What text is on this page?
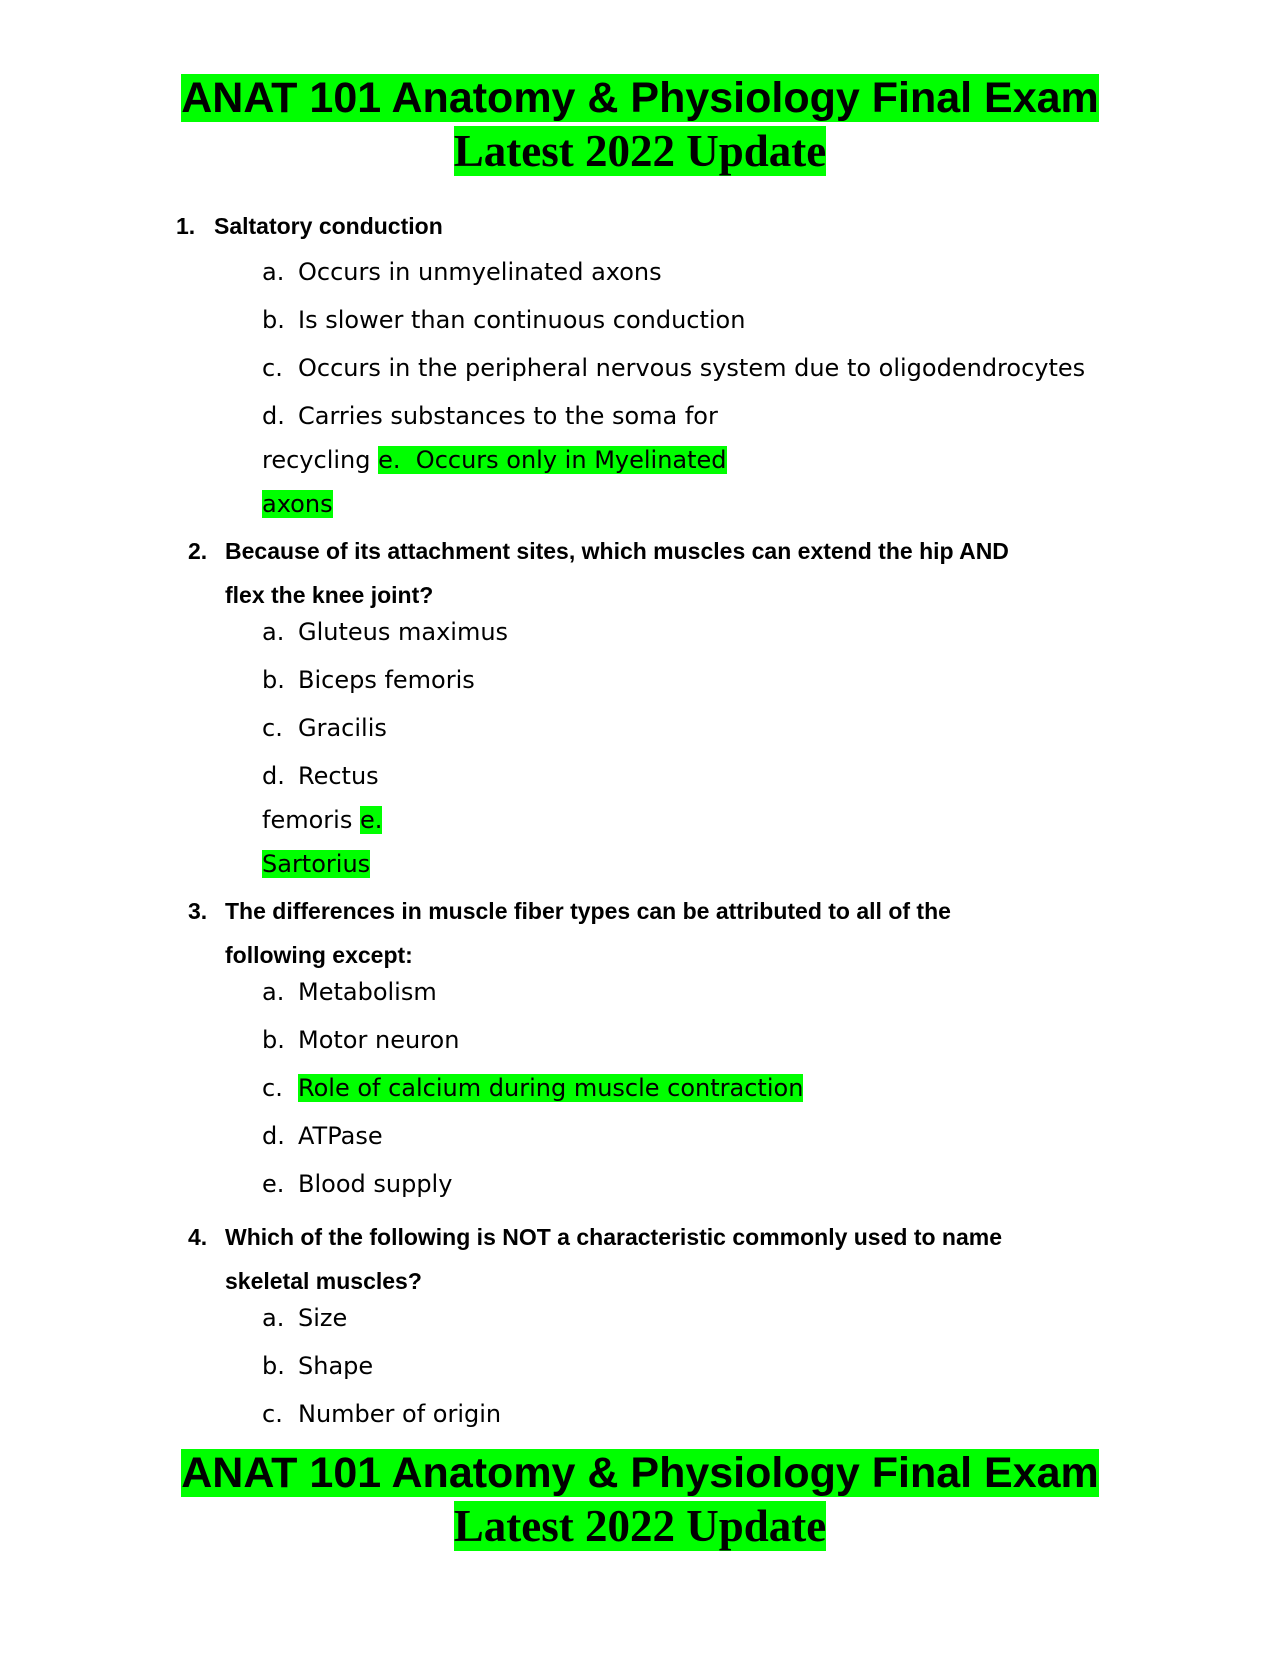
ANAT 101 Anatomy & Physiology Final Exam
Latest 2022 Update
1. Saltatory conduction
a. Occurs in unmyelinated axons
b. Is slower than continuous conduction
c. Occurs in the peripheral nervous system due to oligodendrocytes
d. Carries substances to the soma for
recycling e. Occurs only in Myelinated
axons
2. Because of its attachment sites, which muscles can extend the hip AND
flex the knee joint?
a. Gluteus maximus
b. Biceps femoris
c. Gracilis
d. Rectus
femoris e.
Sartorius
3. The differences in muscle fiber types can be attributed to all of the
following except:
a. Metabolism
b. Motor neuron
c. Role of calcium during muscle contraction
d. ATPase
e. Blood supply
4. Which of the following is NOT a characteristic commonly used to name
skeletal muscles?
a. Size
b. Shape
c. Number of origin
ANAT 101 Anatomy & Physiology Final Exam
Latest 2022 Update
